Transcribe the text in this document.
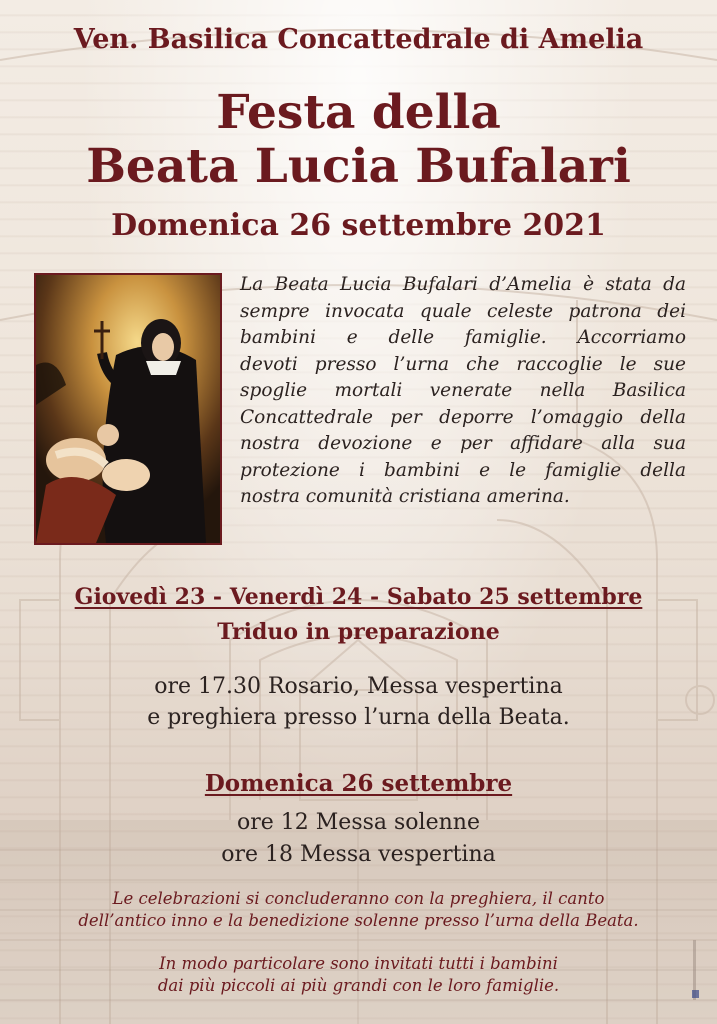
Ven. Basilica Concattedrale di Amelia
Festa della
Beata Lucia Bufalari
Domenica 26 settembre 2021
La Beata Lucia Bufalari d’Amelia è stata da
sempre invocata quale celeste patrona dei
bambini e delle famiglie. Accorriamo
devoti presso l’urna che raccoglie le sue
spoglie mortali venerate nella Basilica
Concattedrale per deporre l’omaggio della
nostra devozione e per affidare alla sua
protezione i bambini e le famiglie della
nostra comunità cristiana amerina.
Giovedì 23 - Venerdì 24 - Sabato 25 settembre
Triduo in preparazione
ore 17.30 Rosario, Messa vespertina
e preghiera presso l’urna della Beata.
Domenica 26 settembre
ore 12 Messa solenne
ore 18 Messa vespertina
Le celebrazioni si concluderanno con la preghiera, il canto
dell’antico inno e la benedizione solenne presso l’urna della Beata.
In modo particolare sono invitati tutti i bambini
dai più piccoli ai più grandi con le loro famiglie.
